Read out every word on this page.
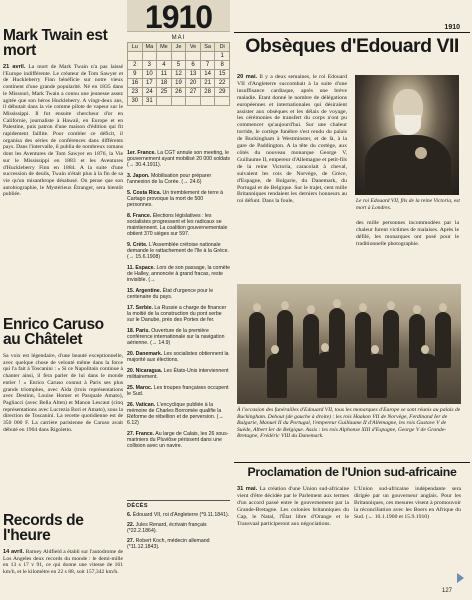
Mark Twain est mort

21 avril. La mort de Mark Twain n'a pas laissé l'Europe indifférente. Le créateur de Tom Sawyer et de Huckleberry Finn bénéficie sur notre vieux continent d'une grande popularité. Né en 1835 dans le Missouri, Mark Twain a connu une jeunesse assez agitée que son héros Huckleberry. A vingt-deux ans, il débutait dans la vie comme pilote de vapeur sur le Mississippi. Il fut ensuite chercheur d'or en Californie, journaliste à Hawaii, en Europe et en Palestine, puis patron d'une maison d'édition qui fit rapidement faillite. Pour combler ce déficit, il organisa des séries de conférences dans différents pays. Dans l'intervalle, il publia de nombreux romans dont les Aventures de Tom Sawyer en 1876, la Vie sur le Mississippi en 1883 et les Aventures d'Huckleberry Finn en 1884. A la suite d'une succession de deuils, Twain n'était plus à la fin de sa vie qu'un misanthrope désabusé. On pense que son autobiographie, le Mystérieux Étranger, sera bientôt publiée.

Enrico Caruso au Châtelet

Sa voix est légendaire, d'une beauté exceptionnelle, avec quelque chose de velouté même dans la force qui l'a fait à Toscanini : « Si ce Napolitain continue à chanter ainsi, il fera parler de lui dans le monde entier ! » Enrico Caruso connut à Paris ses plus grands triomphes, avec Aïda (trois représentations avec Destinn, Louise Homer et Pasquale Amato), Pagliacci (avec Bella Alten) et Manon Lescaut (cinq représentations avec Lucrezia Bori et Amato), sous la direction de Toscanini. La recette quotidienne est de 350 000 F. La carrière parisienne de Caruso avait débuté en 1904 dans Rigoletto.

Records de l'heure

14 avril. Barney Aldfield a établi sur l'autodrome de Los Angeles deux records du monde : le demi-mille en 13 s 17 v 91, ce qui donne une vitesse de 161 km/h, et le kilomètre en 22 s 88, soit 157,342 km/h.

1910
MAI
Lu	Ma	Me	Je	Ve	Sa	Di
						1
2	3	4	5	6	7	8
9	10	11	12	13	14	15
16	17	18	19	20	21	22
23	24	25	26	27	28	29
30	31					
1er. France. La CGT annule son meeting, le gouvernement ayant mobilisé 20 000 soldats (→ 30.4.1911).
3. Japon. Mobilisation pour préparer l'annexion de la Corée. (→ 24.6)
5. Costa Rica. Un tremblement de terre à Cartago provoque la mort de 500 personnes.
8. France. Élections législatives : les socialistes progressent et les radicaux se maintiennent. La coalition gouvernementale obtient 370 sièges sur 597.
9. Crète. L'Assemblée crétoise nationale demande le rattachement de l'île à la Grèce. (→ 15.6.1908)
11. Espace. Lors de son passage, la comète de Halley, annoncée à grand fracas, reste invisible. (→
15. Argentine. État d'urgence pour le centenaire du pays.
17. Serbie. La Russie a charge de financer la moitié de la construction du pont serbe sur le Danube, près des Portes de fer.
18. Paris. Ouverture de la première conférence internationale sur la navigation aérienne. (→ 14.9)
20. Danemark. Les socialistes obtiennent la majorité aux élections.
20. Nicaragua. Les États-Unis interviennent militairement.
25. Maroc. Les troupes françaises occupent le Sud.
26. Vatican. L'encyclique publiée à la mémoire de Charles Borromée qualifie la Réforme de rébellion et de perversion. (→ 6.12)
27. France. Au large de Calais, les 26 sous-mariniers du Pluviôse périssent dans une collision avec un navire.
DÉCÈS
6. Édouard VII, roi d'Angleterre (*9.11.1841).
22. Jules Renard, écrivain français (*22.2.1864).
27. Robert Koch, médecin allemand (*11.12.1843).
1910
Obsèques d'Edouard VII

20 mai. Il y a deux semaines, le roi Edouard VII d'Angleterre succombait à la suite d'une insuffisance cardiaque, après une brève maladie. Etant donné le nombre de délégations européennes et internationales qui désiraient assister aux obsèques et les délais de voyage, les cérémonies de transfert du corps n'ont pu commencer qu'aujourd'hui. Sur une chaleur torride, le cortège funèbre s'est rendu du palais de Buckingham à Westminster, et de là, à la gare de Paddington. A la tête du cortège, aux côtés du nouveau monarque George V, Guillaume II, empereur d'Allemagne et petit-fils de la reine Victoria, caracolait à cheval, suivaient les rois de Norvège, de Grèce, d'Espagne, de Bulgarie, du Danemark, du Portugal et de Belgique. Sur le trajet, cent mille Britanniques rendaient les derniers honneurs au roi défunt. Dans la foule,	Le roi Edouard VII, fils de la reine Victoria, est mort à Londres.

des mille personnes incommodées par la chaleur furent victimes de malaises. Après le défilé, les monarques ont posé pour le traditionnelle photographie.

À l'occasion des funérailles d'Edouard VII, tous les monarques d'Europe se sont réunis au palais de Buckingham. Debout (de gauche à droite) : les rois Haakon VII de Norvège, Ferdinand Ier de Bulgarie, Manuel II du Portugal, l'empereur Guillaume II d'Allemagne, les rois Gustave V de Suède, Albert Ier de Belgique. Assis : les rois Alphonse XIII d'Espagne, George V de Grande-Bretagne, Frédéric VIII du Danemark.

Proclamation de l'Union sud-africaine

31 mai. La création d'une Union sud-africaine vient d'être décidée par le Parlement aux termes d'un accord passé entre le gouvernement par la Grande-Bretagne. Les colonies britanniques du Cap, le Natal, l'État libre d'Orange et le Transvaal participeront aux négociations.

L'Union sud-africaine indépendante sera dirigée par un gouverneur anglais. Pour les Britanniques, ces mesures visent à promouvoir la réconciliation avec les Boers en Afrique du Sud. (← 10.1.1900 et 15.9.1910)

127
